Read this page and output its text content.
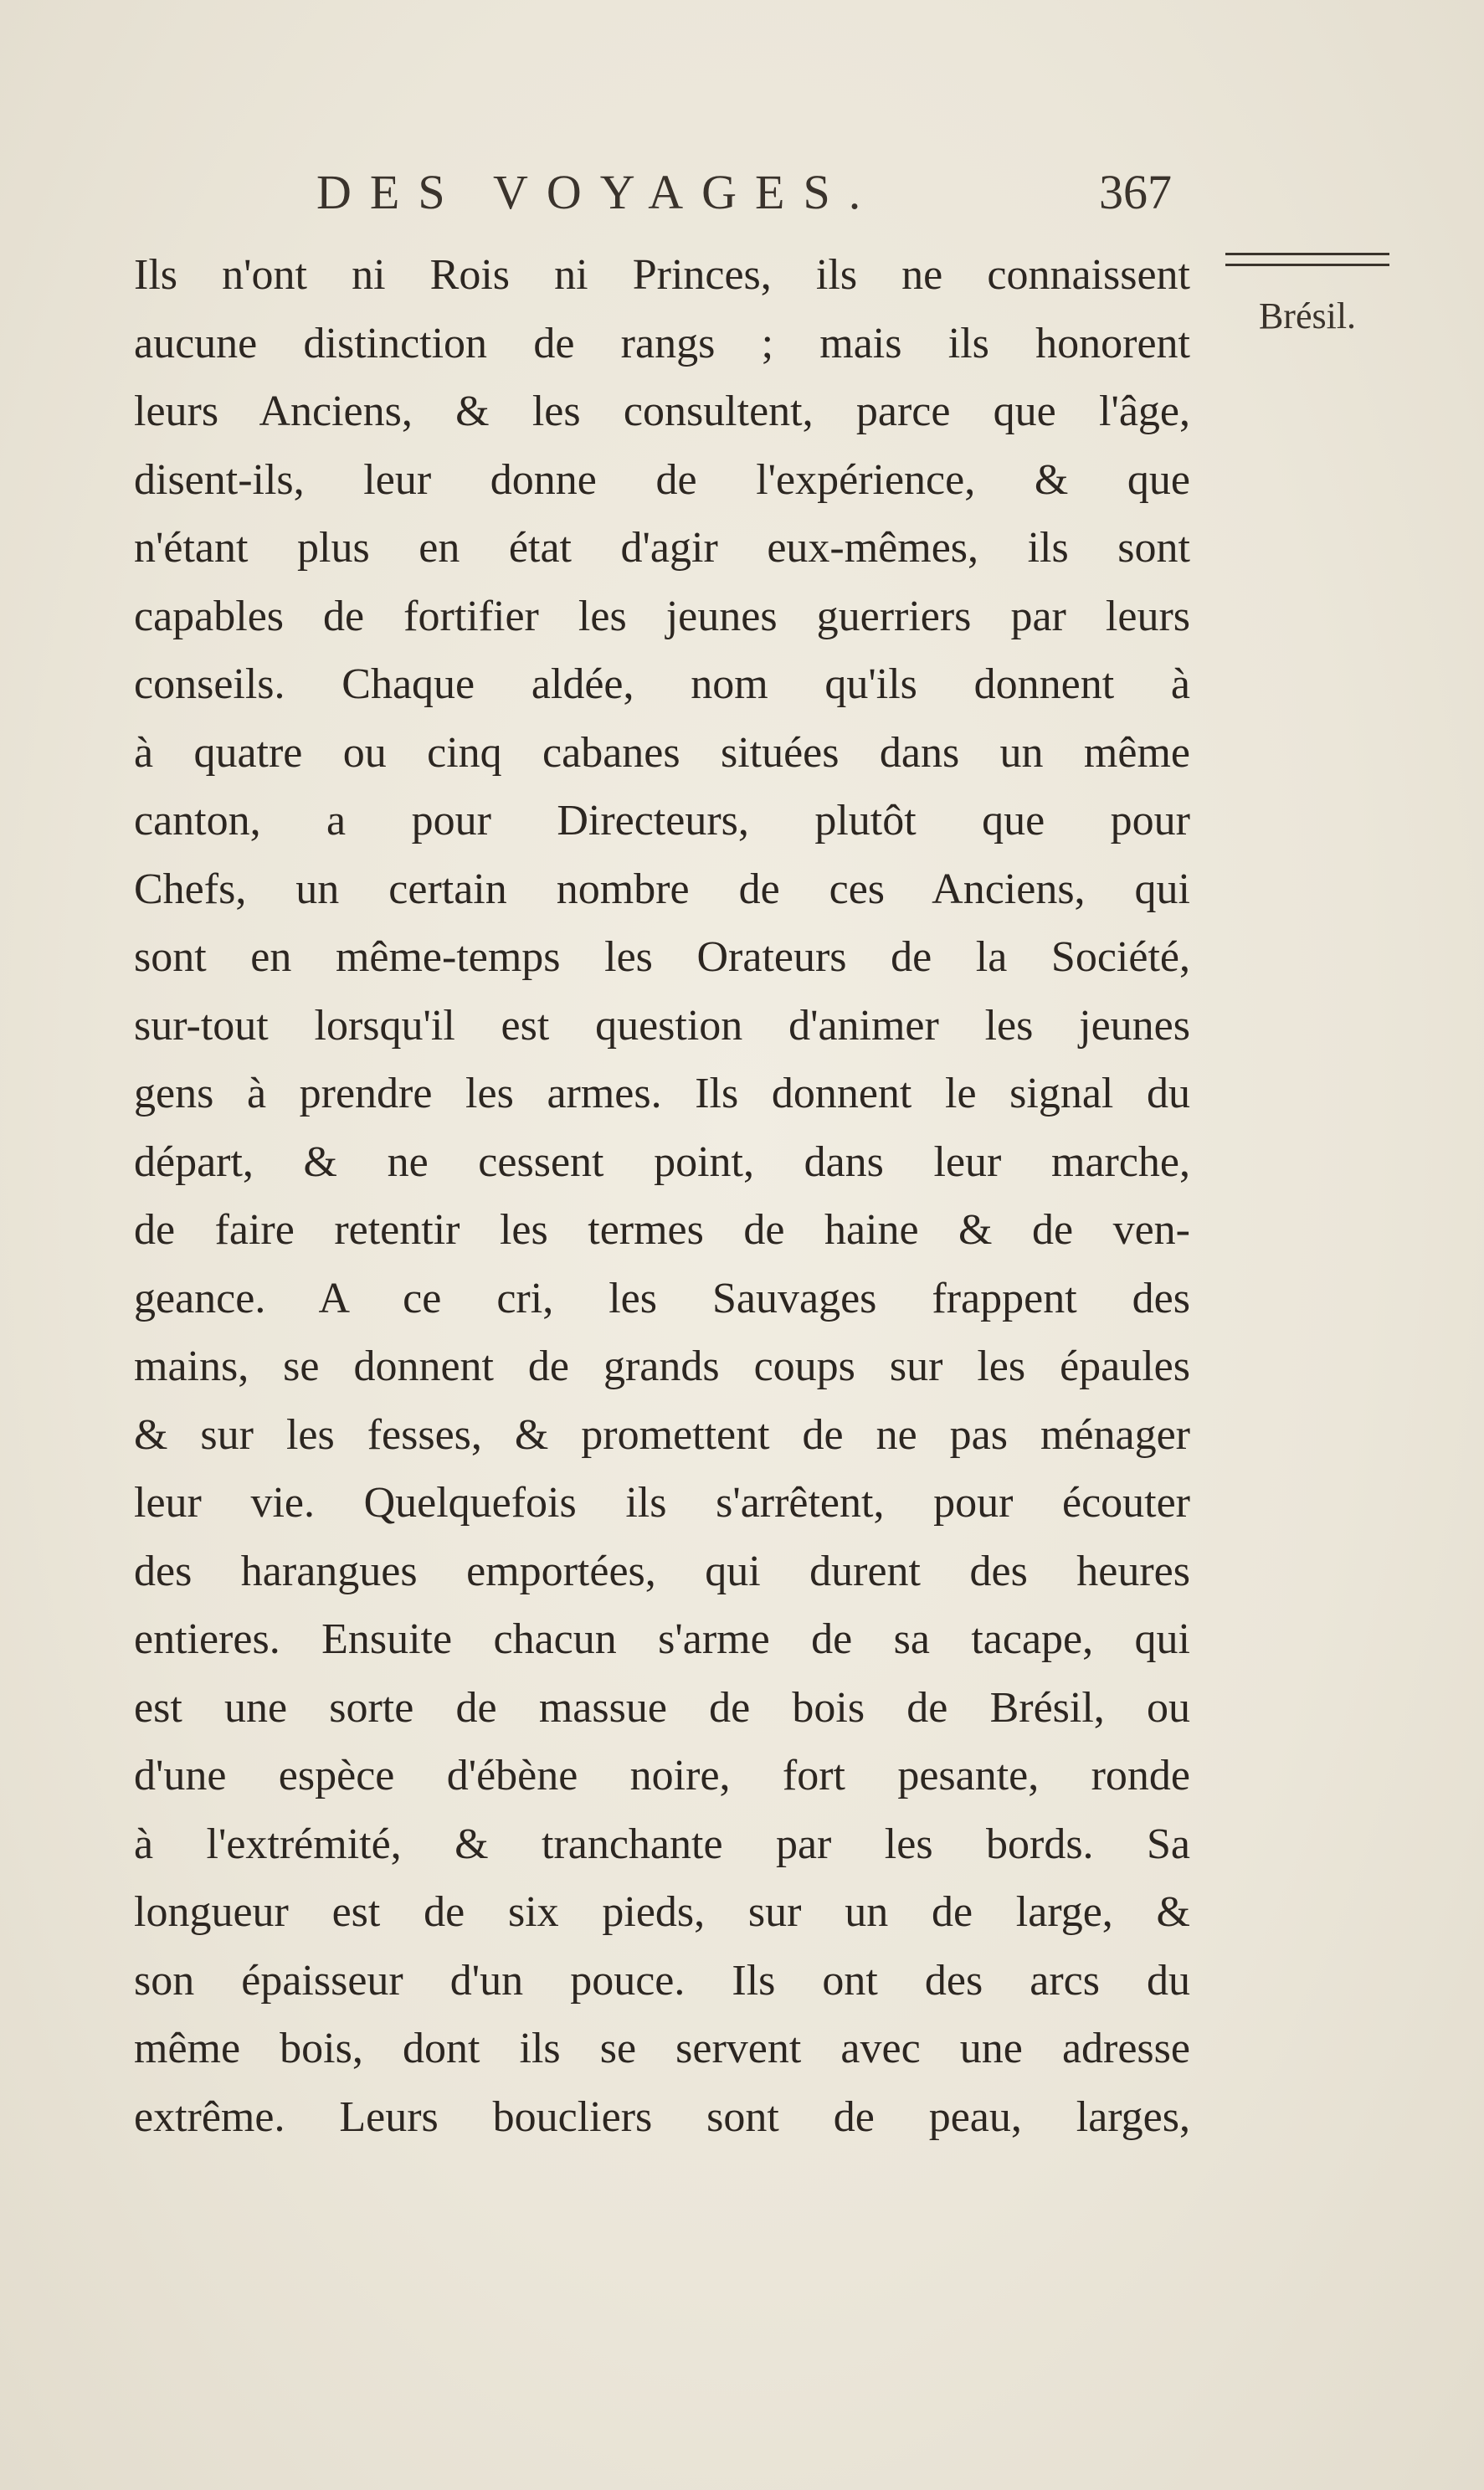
DES VOYAGES.	367
Brésil.
Ils n'ont ni Rois ni Princes, ils ne connaissent
aucune distinction de rangs ; mais ils honorent
leurs Anciens, & les consultent, parce que l'âge,
disent-ils, leur donne de l'expérience, & que
n'étant plus en état d'agir eux-mêmes, ils sont
capables de fortifier les jeunes guerriers par leurs
conseils. Chaque aldée, nom qu'ils donnent à
à quatre ou cinq cabanes situées dans un même
canton, a pour Directeurs, plutôt que pour
Chefs, un certain nombre de ces Anciens, qui
sont en même-temps les Orateurs de la Société,
sur-tout lorsqu'il est question d'animer les jeunes
gens à prendre les armes. Ils donnent le signal du
départ, & ne cessent point, dans leur marche,
de faire retentir les termes de haine & de ven-
geance. A ce cri, les Sauvages frappent des
mains, se donnent de grands coups sur les épaules
& sur les fesses, & promettent de ne pas ménager
leur vie. Quelquefois ils s'arrêtent, pour écouter
des harangues emportées, qui durent des heures
entieres. Ensuite chacun s'arme de sa tacape, qui
est une sorte de massue de bois de Brésil, ou
d'une espèce d'ébène noire, fort pesante, ronde
à l'extrémité, & tranchante par les bords. Sa
longueur est de six pieds, sur un de large, &
son épaisseur d'un pouce. Ils ont des arcs du
même bois, dont ils se servent avec une adresse
extrême. Leurs boucliers sont de peau, larges,
